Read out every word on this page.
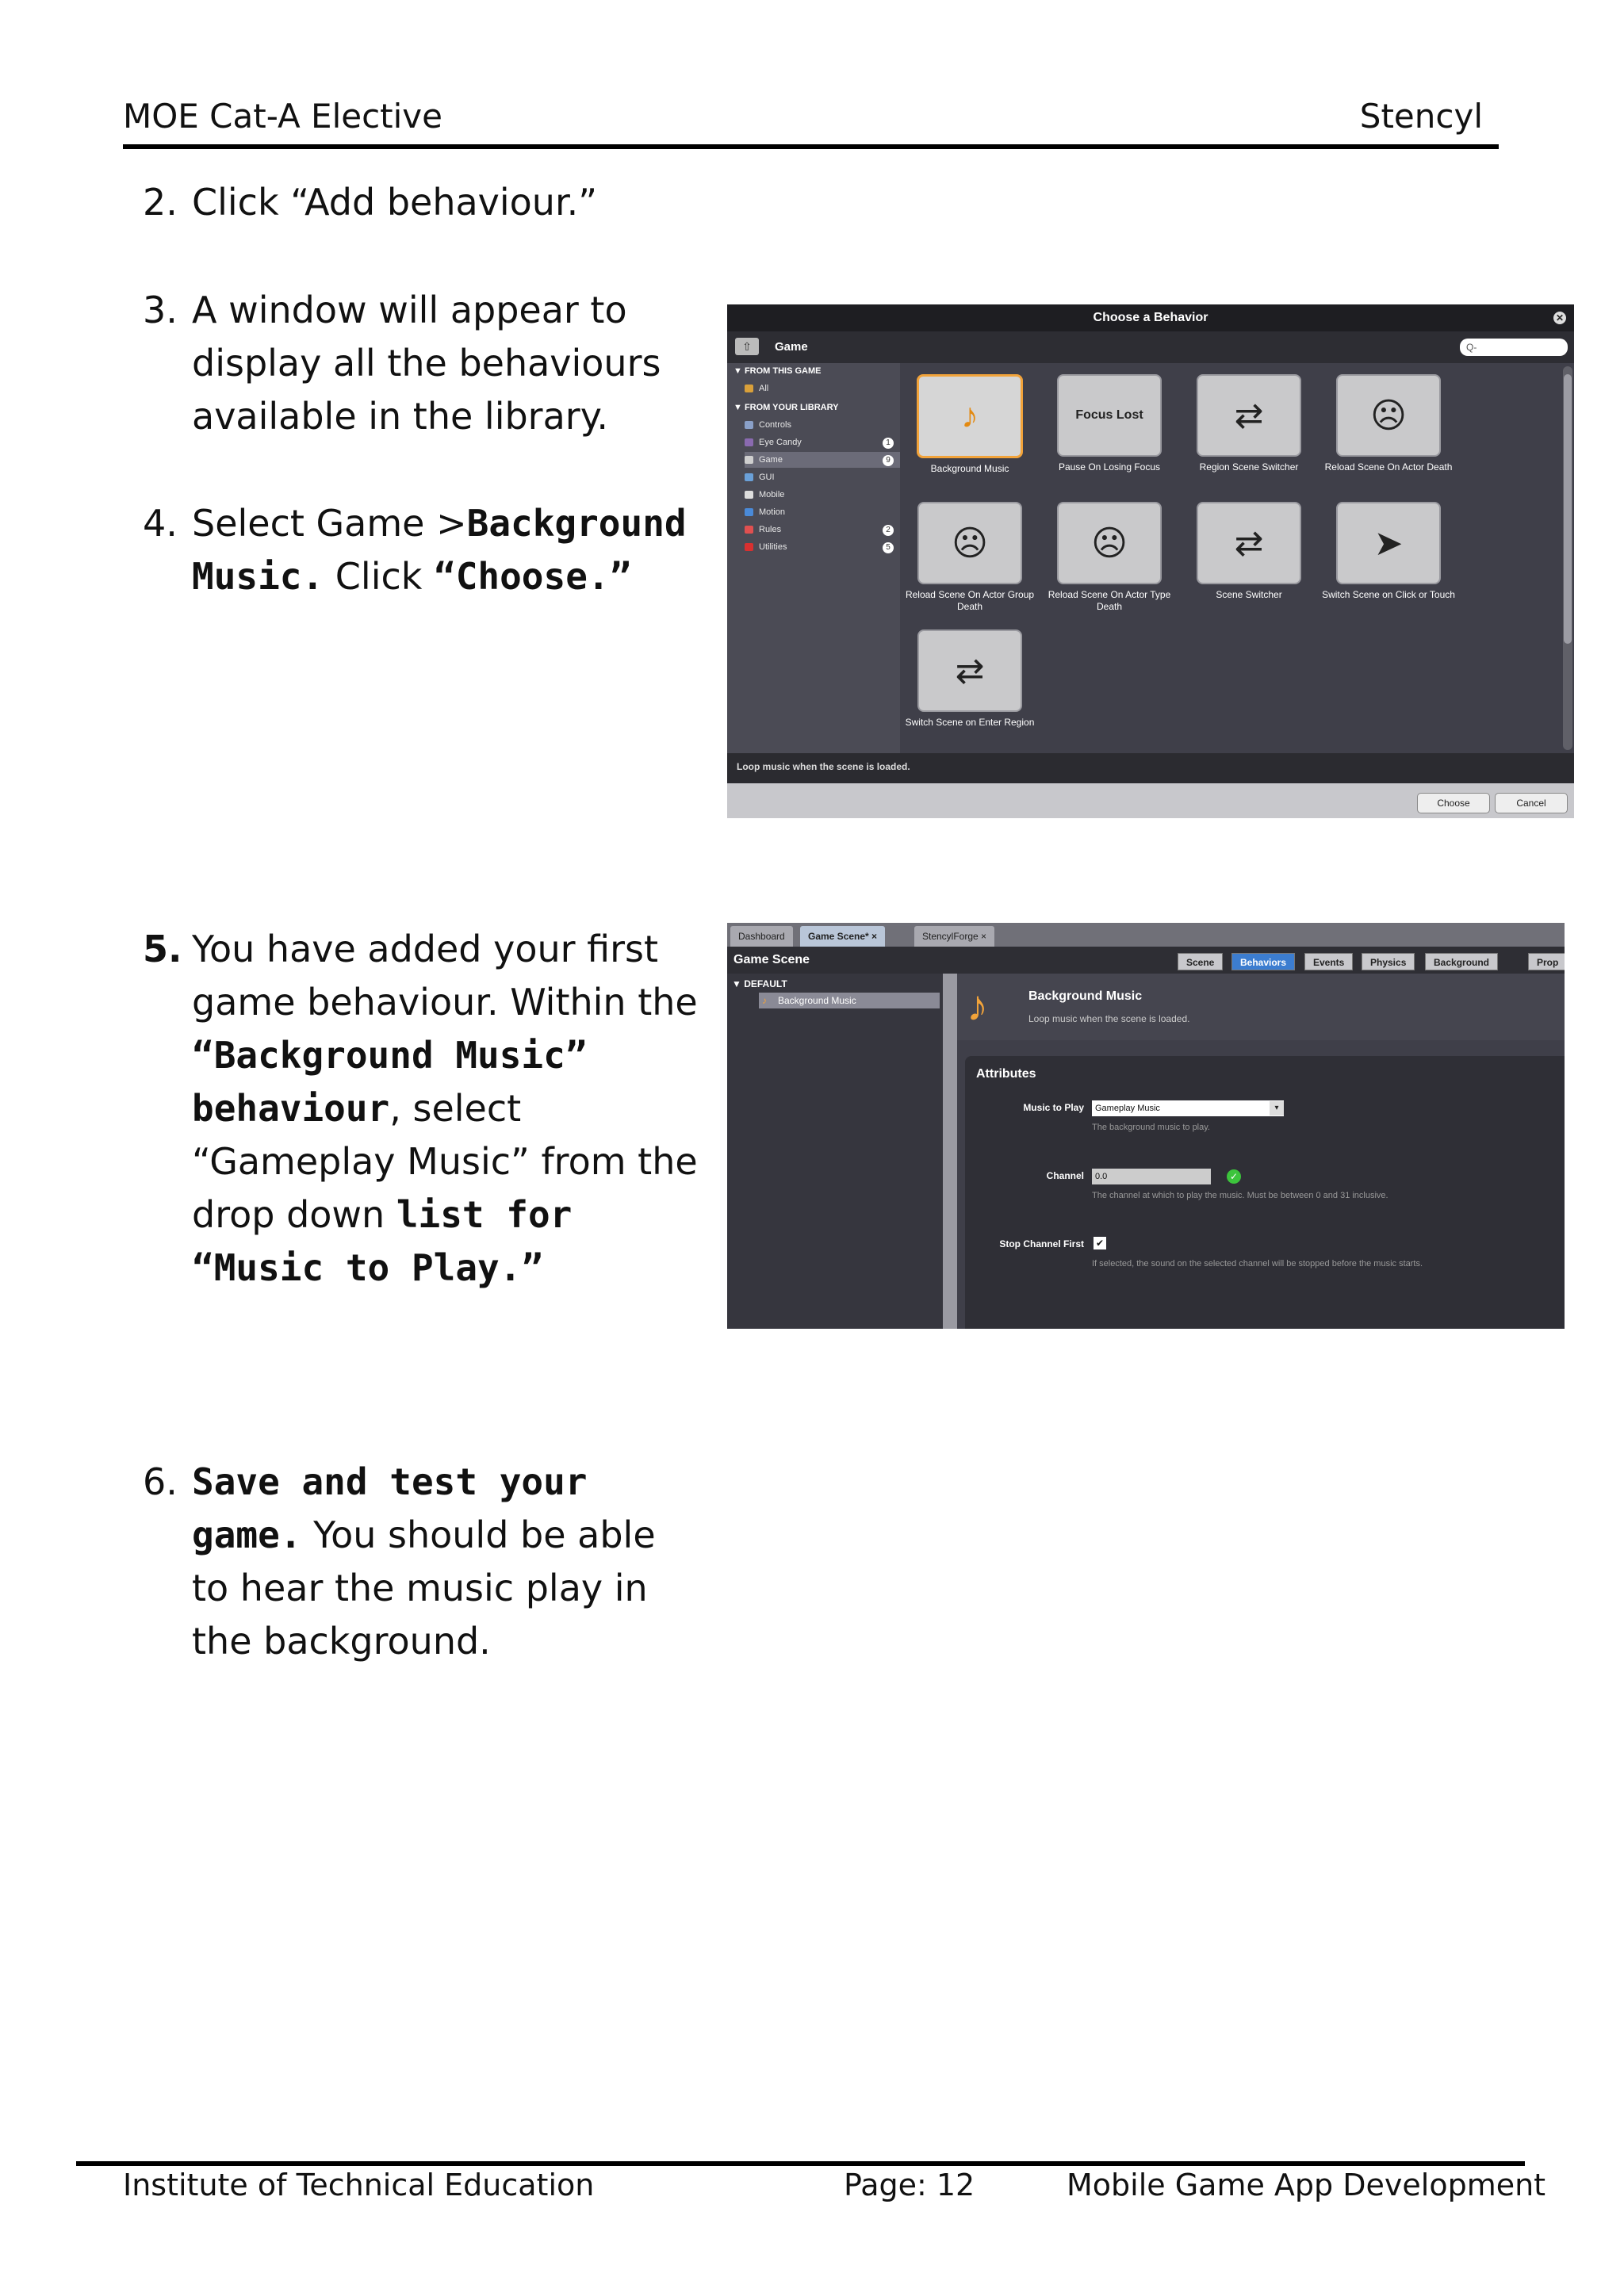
MOE Cat-A Elective	Stencyl
2. Click “Add behaviour.”
3. A window will appear to display all the behaviours available in the library.
4. Select Game >Background Music. Click “Choose.”
5. You have added your first game behaviour. Within the “Background Music” behaviour, select “Gameplay Music” from the drop down list for “Music to Play.”
6. Save and test your game. You should be able to hear the music play in the background.
Choose a Behavior	✕
⇧	Game	Q-
▼ FROM THIS GAME
All
▼ FROM YOUR LIBRARY
Controls
Eye Candy	1
Game	9
GUI
Mobile
Motion
Rules	2
Utilities	5
♪
Background Music
Focus Lost
Pause On Losing Focus
⇄
Region Scene Switcher
☹
Reload Scene On Actor Death
☹
Reload Scene On Actor Group Death
☹
Reload Scene On Actor Type Death
⇄
Scene Switcher
➤
Switch Scene on Click or Touch
⇄
Switch Scene on Enter Region
Loop music when the scene is loaded.
Choose	Cancel
Dashboard	Game Scene* ×	StencylForge ×
Game Scene	Scene	Behaviors	Events	Physics	Background	Prop
▼ DEFAULT
♪ Background Music	♪	Background Music
Loop music when the scene is loaded.
Attributes
Music to Play	Gameplay Music	▾
The background music to play.
Channel	0.0	✓
The channel at which to play the music. Must be between 0 and 31 inclusive.
Stop Channel First ✔
If selected, the sound on the selected channel will be stopped before the music starts.
Institute of Technical Education	Page: 12	Mobile Game App Development
